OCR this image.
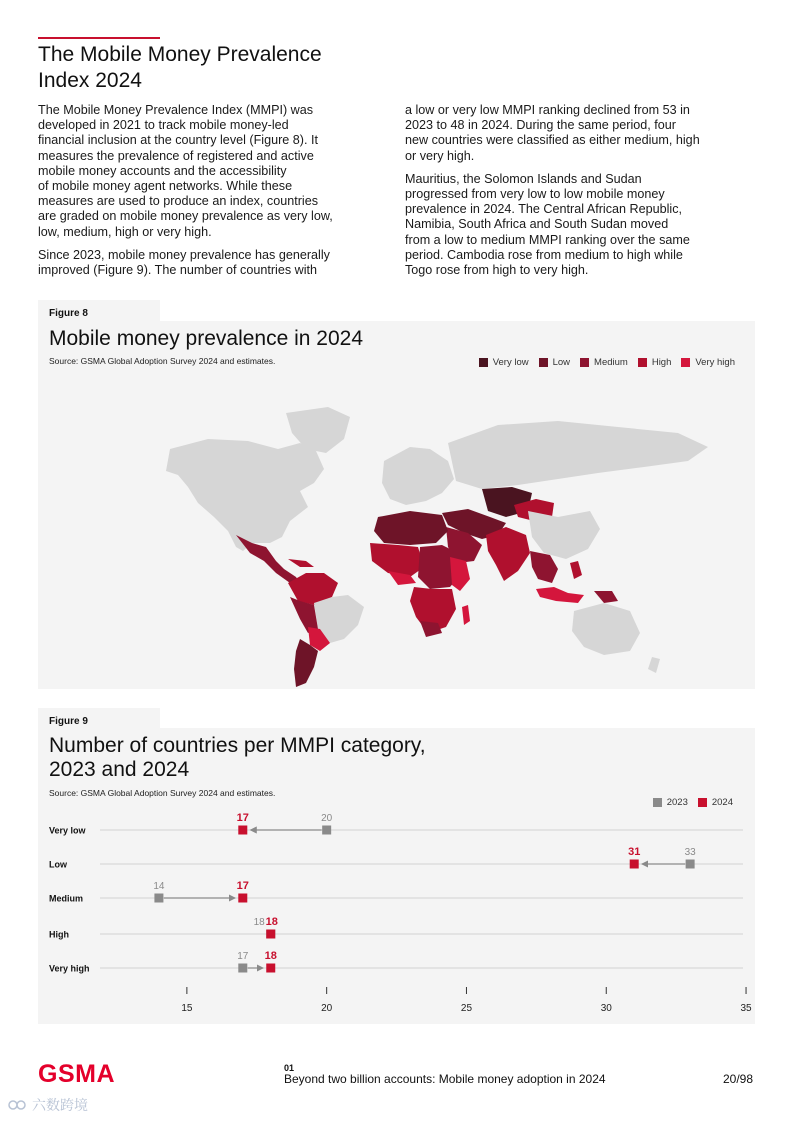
The Mobile Money Prevalence
Index 2024

The Mobile Money Prevalence Index (MMPI) was
developed in 2021 to track mobile money-led
financial inclusion at the country level (Figure 8). It
measures the prevalence of registered and active
mobile money accounts and the accessibility
of mobile money agent networks. While these
measures are used to produce an index, countries
are graded on mobile money prevalence as very low,
low, medium, high or very high.

Since 2023, mobile money prevalence has generally
improved (Figure 9). The number of countries with

a low or very low MMPI ranking declined from 53 in
2023 to 48 in 2024. During the same period, four
new countries were classified as either medium, high
or very high.

Mauritius, the Solomon Islands and Sudan
progressed from very low to low mobile money
prevalence in 2024. The Central African Republic,
Namibia, South Africa and South Sudan moved
from a low to medium MMPI ranking over the same
period. Cambodia rose from medium to high while
Togo rose from high to very high.

Figure 8
Mobile money prevalence in 2024
Source: GSMA Global Adoption Survey 2024 and estimates.	Very low	Low	Medium	High	Very high
Figure 9
Number of countries per MMPI category,
2023 and 2024
Source: GSMA Global Adoption Survey 2024 and estimates.
2023	2024
Very low
20
17
Low
33
31
Medium
14	17
High
18 18
Very high
17 18
15	20	25	30	35
GSMA	01
Beyond two billion accounts: Mobile money adoption in 2024	20/98
六数跨境
